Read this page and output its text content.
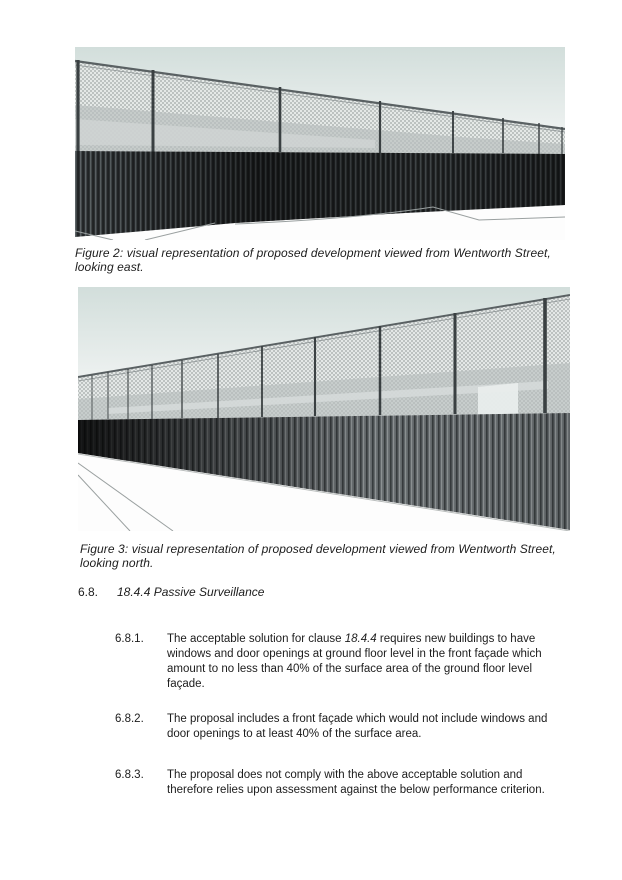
Figure 2: visual representation of proposed development viewed from Wentworth Street, looking east.
Figure 3: visual representation of proposed development viewed from Wentworth Street, looking north.
6.8. 18.4.4 Passive Surveillance
6.8.1. The acceptable solution for clause 18.4.4 requires new buildings to have windows and door openings at ground floor level in the front façade which amount to no less than 40% of the surface area of the ground floor level façade.
6.8.2. The proposal includes a front façade which would not include windows and door openings to at least 40% of the surface area.
6.8.3. The proposal does not comply with the above acceptable solution and therefore relies upon assessment against the below performance criterion.
